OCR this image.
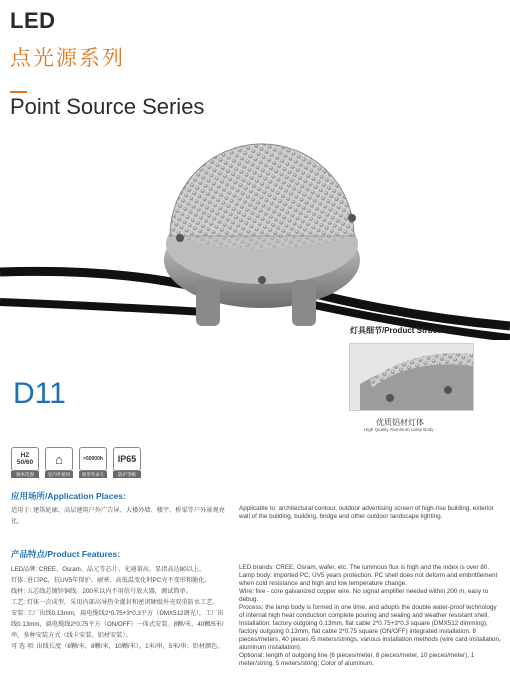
LED
点光源系列
Point Source Series
灯具细节/Product Structure:
优质铝材灯体
High Quality Aluminum Lamp Body
D11
HZ
50/60
频率范围
⌂
室内外使用
>50000h
使用寿命久
IP65
防护等级
应用场所/Application Places:
适用于: 建筑轮廓、高层建筑户外广告屏、大楼外墙、楼宇、桥梁等户外景观亮化。
Applicable to: architectural contour, outdoor advertising screen of high-rise building, exterior wall of the building, building, bridge and other outdoor landscape lighting.
产品特点/Product Features:
LED品牌: CREE、Osram、晶元等芯片。光通量高，显指高达80以上。
灯体: 进口PC，抗UV5年保护。耐寒、高低温变化时PC壳不变形和脆化。
线材: 五芯线芯镀锌铜线。200米以内不用信号放大器，调试简单。
工艺: 灯体一次成型，采用内部高导热全灌封和密闭硬级外壳双重防水工艺。
安装: 工厂出线0.13mm，扁电缆线2*0.75+3*0.3平方（DMX512调光），工厂出线0.13mm，扁电缆线2*0.75平方（ON/OFF）一体式安装。8颗/米、40颗/5米/串，多种安装方式（线卡安装、铝材安装）。
可 选 项: 出线长度（6颗/米，8颗/米，10颗/米），1米/串，5米/串；铝材颜色。
LED brands: CREE, Osram, wafer, etc. The luminous flux is high and the index is over 80.
Lamp body: imported PC, UV5 years protection. PC shell does not deform and embrittlement when cold resistance and high and low temperature change.
Wire: five - core galvanized copper wire. No signal amplifier needed within 200 m, easy to debug.
Process: the lamp body is formed in one time, and adopts the double water-proof technology of internal high heat conduction complete pouring and sealing and weather resistant shell.
Installation: factory outgoing 0.13mm, flat cable 2*0.75+3*0.3 square (DMX512 dimming), factory outgoing 0.13mm, flat cable 2*0.75 square (ON/OFF) integrated installation. 8 pieces/meters, 40 pieces /5 meters/strings, various installation methods (wire card installation, aluminum installation).
Optional: length of outgoing line (6 pieces/meter, 8 pieces/meter, 10 pieces/meter), 1 meter/string, 5 meters/string; Color of aluminum.
